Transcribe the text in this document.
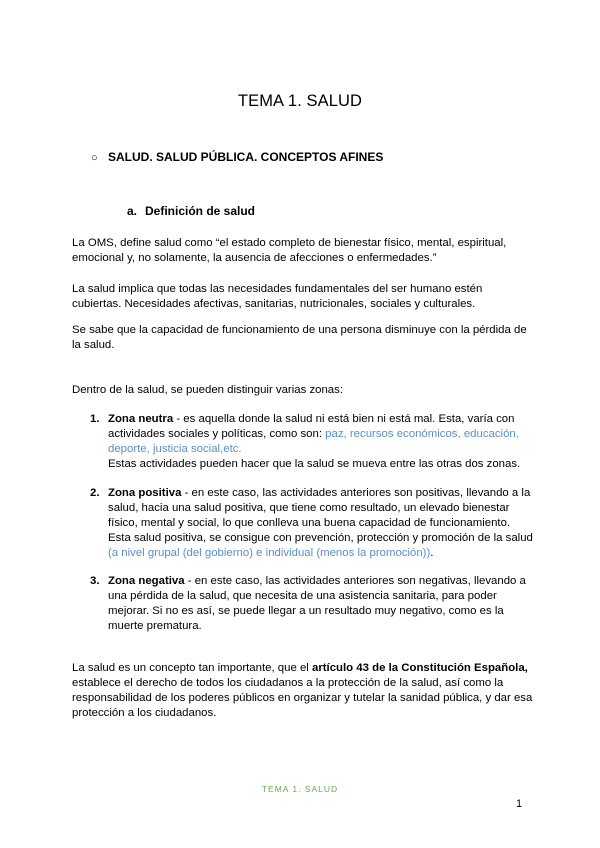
TEMA 1. SALUD

○ SALUD. SALUD PÚBLICA. CONCEPTOS AFINES

a. Definición de salud

La OMS, define salud como “el estado completo de bienestar físico, mental, espiritual, emocional y, no solamente, la ausencia de afecciones o enfermedades.”

La salud implica que todas las necesidades fundamentales del ser humano estén cubiertas. Necesidades afectivas, sanitarias, nutricionales, sociales y culturales.

Se sabe que la capacidad de funcionamiento de una persona disminuye con la pérdida de la salud.

Dentro de la salud, se pueden distinguir varias zonas:

1. Zona neutra - es aquella donde la salud ni está bien ni está mal. Esta, varía con actividades sociales y políticas, como son: paz, recursos económicos, educación, deporte, justicia social,etc.
Estas actividades pueden hacer que la salud se mueva entre las otras dos zonas.
2. Zona positiva - en este caso, las actividades anteriores son positivas, llevando a la salud, hacia una salud positiva, que tiene como resultado, un elevado bienestar físico, mental y social, lo que conlleva una buena capacidad de funcionamiento. Esta salud positiva, se consigue con prevención, protección y promoción de la salud (a nivel grupal (del gobierno) e individual (menos la promoción)).
3. Zona negativa - en este caso, las actividades anteriores son negativas, llevando a una pérdida de la salud, que necesita de una asistencia sanitaria, para poder mejorar. Si no es así, se puede llegar a un resultado muy negativo, como es la muerte prematura.

La salud es un concepto tan importante, que el artículo 43 de la Constitución Española, establece el derecho de todos los ciudadanos a la protección de la salud, así como la responsabilidad de los poderes públicos en organizar y tutelar la sanidad pública, y dar esa protección a los ciudadanos.

TEMA 1. SALUD

1
